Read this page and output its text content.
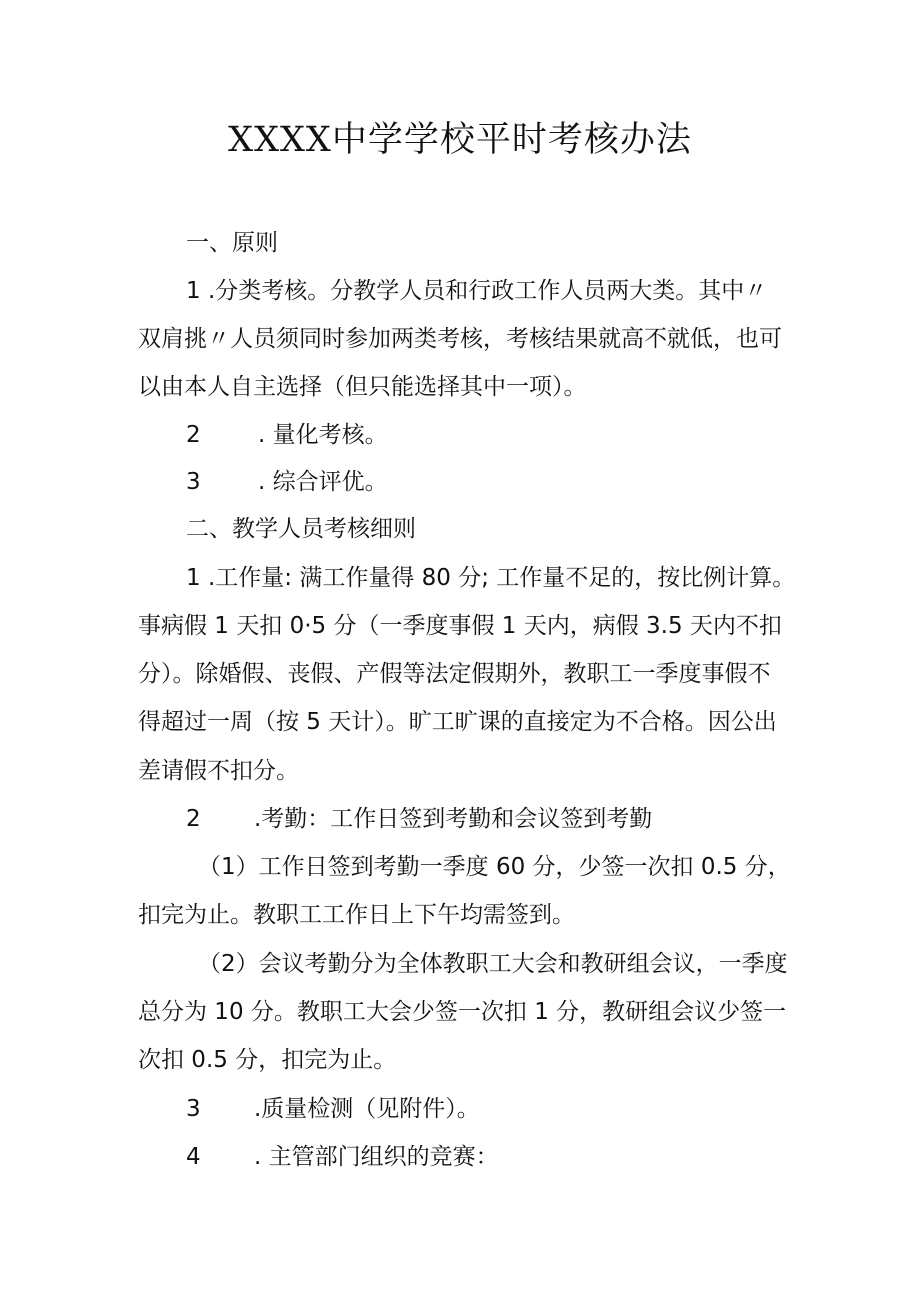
XXXX中学学校平时考核办法
一、原则
1 .分类考核。分教学人员和行政工作人员两大类。其中〃
双肩挑〃人员须同时参加两类考核，考核结果就高不就低，也可
以由本人自主选择（但只能选择其中一项）。
2 . 量化考核。
3 . 综合评优。
二、教学人员考核细则
1 .工作量: 满工作量得 80 分; 工作量不足的，按比例计算。
事病假 1 天扣 0·5 分（一季度事假 1 天内，病假 3.5 天内不扣
分）。除婚假、丧假、产假等法定假期外，教职工一季度事假不
得超过一周（按 5 天计）。旷工旷课的直接定为不合格。因公出
差请假不扣分。
2 .考勤：工作日签到考勤和会议签到考勤
（1）工作日签到考勤一季度 60 分，少签一次扣 0.5 分，
扣完为止。教职工工作日上下午均需签到。
（2）会议考勤分为全体教职工大会和教研组会议，一季度
总分为 10 分。教职工大会少签一次扣 1 分，教研组会议少签一
次扣 0.5 分，扣完为止。
3 .质量检测（见附件）。
4 . 主管部门组织的竞赛：
